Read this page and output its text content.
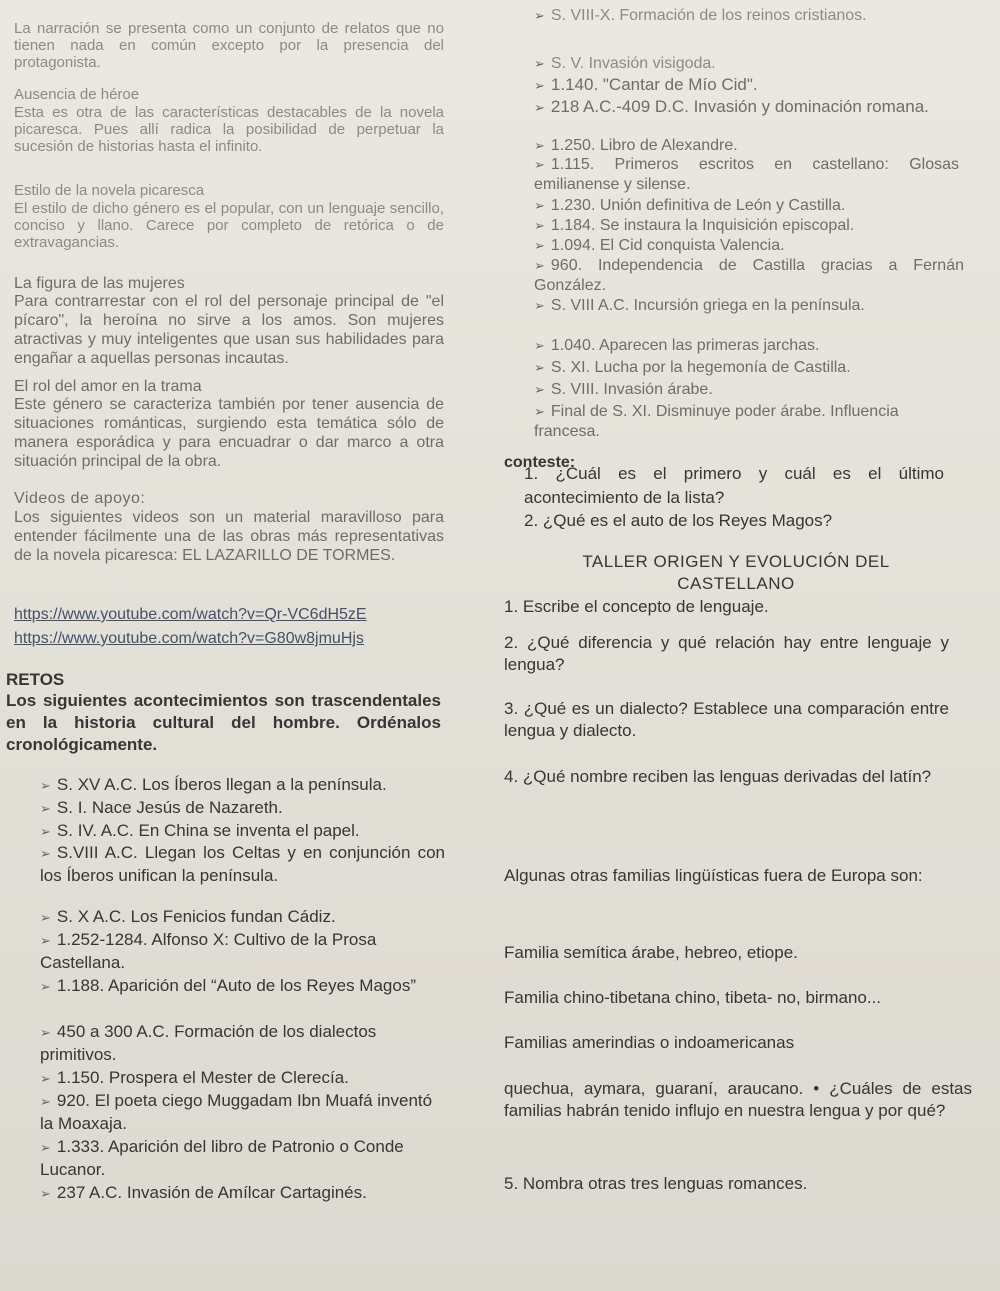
La narración se presenta como un conjunto de relatos que no tienen nada en común excepto por la presencia del protagonista.

Ausencia de héroe

Esta es otra de las características destacables de la novela picaresca. Pues allí radica la posibilidad de perpetuar la sucesión de historias hasta el infinito.

Estilo de la novela picaresca

El estilo de dicho género es el popular, con un lenguaje sencillo, conciso y llano. Carece por completo de retórica o de extravagancias.

La figura de las mujeres

Para contrarrestar con el rol del personaje principal de "el pícaro", la heroína no sirve a los amos. Son mujeres atractivas y muy inteligentes que usan sus habilidades para engañar a aquellas personas incautas.

El rol del amor en la trama

Este género se caracteriza también por tener ausencia de situaciones románticas, surgiendo esta temática sólo de manera esporádica y para encuadrar o dar marco a otra situación principal de la obra.

Videos de apoyo:

Los siguientes videos son un material maravilloso para entender fácilmente una de las obras más representativas de la novela picaresca: EL LAZARILLO DE TORMES.

https://www.youtube.com/watch?v=Qr-VC6dH5zE
https://www.youtube.com/watch?v=G80w8jmuHjs

RETOS

Los siguientes acontecimientos son trascendentales en la historia cultural del hombre. Ordénalos cronológicamente.

➢ S. XV A.C. Los Íberos llegan a la península.
➢ S. I. Nace Jesús de Nazareth.
➢ S. IV. A.C. En China se inventa el papel.
➢ S.VIII A.C. Llegan los Celtas y en conjunción con los Íberos unifican la península.
➢ S. X A.C. Los Fenicios fundan Cádiz.
➢ 1.252-1284. Alfonso X: Cultivo de la Prosa Castellana.
➢ 1.188. Aparición del “Auto de los Reyes Magos”
➢ 450 a 300 A.C. Formación de los dialectos primitivos.
➢ 1.150. Prospera el Mester de Clerecía.
➢ 920. El poeta ciego Muggadam Ibn Muafá inventó la Moaxaja.
➢ 1.333. Aparición del libro de Patronio o Conde Lucanor.
➢ 237 A.C. Invasión de Amílcar Cartaginés.
➢ S. VIII-X. Formación de los reinos cristianos.
➢ S. V. Invasión visigoda.
➢ 1.140. "Cantar de Mío Cid".
➢ 218 A.C.-409 D.C. Invasión y dominación romana.
➢ 1.250. Libro de Alexandre.
➢ 1.115. Primeros escritos en castellano: Glosas emilianense y silense.
➢ 1.230. Unión definitiva de León y Castilla.
➢ 1.184. Se instaura la Inquisición episcopal.
➢ 1.094. El Cid conquista Valencia.
➢ 960. Independencia de Castilla gracias a Fernán González.
➢ S. VIII A.C. Incursión griega en la península.
➢ 1.040. Aparecen las primeras jarchas.
➢ S. XI. Lucha por la hegemonía de Castilla.
➢ S. VIII. Invasión árabe.
➢ Final de S. XI. Disminuye poder árabe. Influencia francesa.

conteste:

1. ¿Cuál es el primero y cuál es el último acontecimiento de la lista?

2. ¿Qué es el auto de los Reyes Magos?

TALLER ORIGEN Y EVOLUCIÓN DEL CASTELLANO

1. Escribe el concepto de lenguaje.

2. ¿Qué diferencia y qué relación hay entre lenguaje y lengua?

3. ¿Qué es un dialecto? Establece una comparación entre lengua y dialecto.

4. ¿Qué nombre reciben las lenguas derivadas del latín?

Algunas otras familias lingüísticas fuera de Europa son:

Familia semítica árabe, hebreo, etiope.

Familia chino-tibetana chino, tibeta- no, birmano...

Familias amerindias o indoamericanas

quechua, aymara, guaraní, araucano. • ¿Cuáles de estas familias habrán tenido influjo en nuestra lengua y por qué?

5. Nombra otras tres lenguas romances.
